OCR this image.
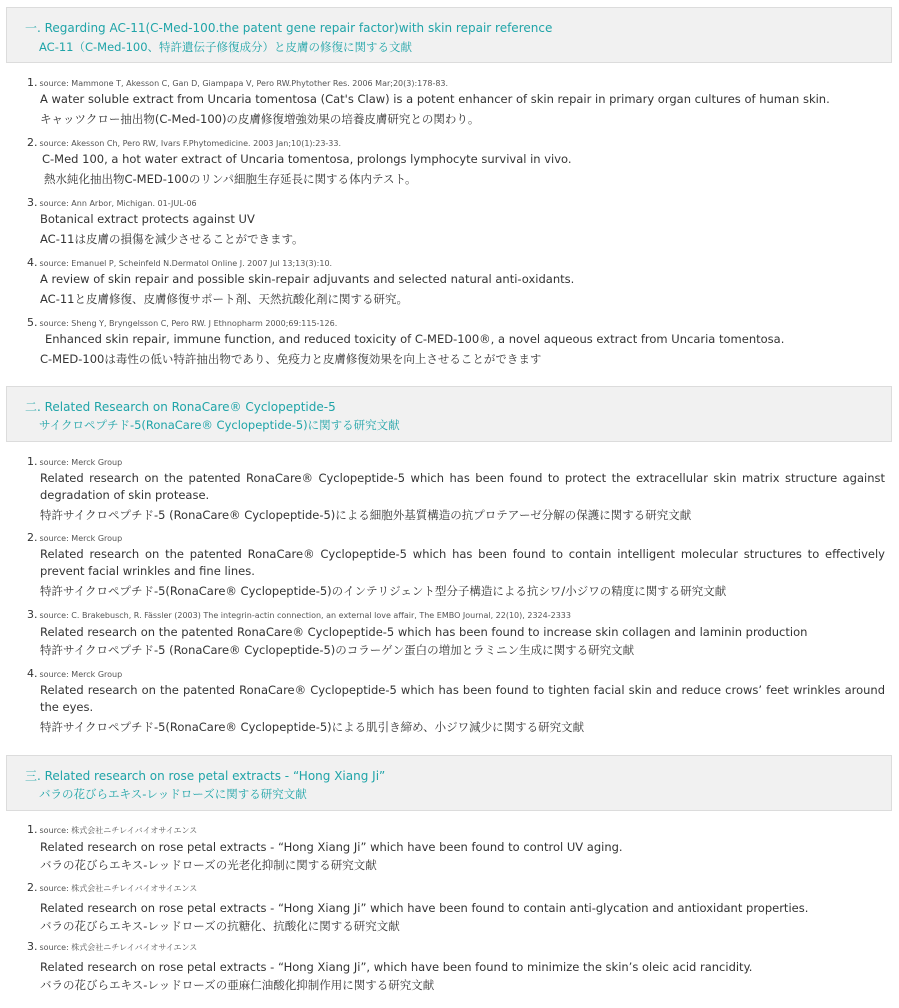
一. Regarding AC-11(C-Med-100.the patent gene repair factor)with skin repair reference
AC-11（C-Med-100、特許遺伝子修復成分）と皮膚の修復に関する文献
1. source: Mammone T, Akesson C, Gan D, Giampapa V, Pero RW.Phytother Res. 2006 Mar;20(3):178-83.
A water soluble extract from Uncaria tomentosa (Cat's Claw) is a potent enhancer of skin repair in primary organ cultures of human skin.
キャッツクロー抽出物(C-Med-100)の皮膚修復増強効果の培養皮膚研究との関わり。
2. source: Akesson Ch, Pero RW, Ivars F.Phytomedicine. 2003 Jan;10(1):23-33.
C-Med 100, a hot water extract of Uncaria tomentosa, prolongs lymphocyte survival in vivo.
熱水純化抽出物C-MED-100のリンパ細胞生存延長に関する体内テスト。
3. source: Ann Arbor, Michigan. 01-JUL-06
Botanical extract protects against UV
AC-11は皮膚の損傷を減少させることができます。
4. source: Emanuel P, Scheinfeld N.Dermatol Online J. 2007 Jul 13;13(3):10.
A review of skin repair and possible skin-repair adjuvants and selected natural anti-oxidants.
AC-11と皮膚修復、皮膚修復サポート剤、天然抗酸化剤に関する研究。
5. source: Sheng Y, Bryngelsson C, Pero RW. J Ethnopharm 2000;69:115-126.
Enhanced skin repair, immune function, and reduced toxicity of C-MED-100®, a novel aqueous extract from Uncaria tomentosa.
C-MED-100は毒性の低い特許抽出物であり、免疫力と皮膚修復効果を向上させることができます
二. Related Research on RonaCare® Cyclopeptide-5
サイクロペプチド-5(RonaCare® Cyclopeptide-5)に関する研究文献
1. source: Merck Group
Related research on the patented RonaCare® Cyclopeptide-5 which has been found to protect the extracellular skin matrix structure against degradation of skin protease.
特許サイクロペプチド-5 (RonaCare® Cyclopeptide-5)による細胞外基質構造の抗プロテアーゼ分解の保護に関する研究文献
2. source: Merck Group
Related research on the patented RonaCare® Cyclopeptide-5 which has been found to contain intelligent molecular structures to effectively prevent facial wrinkles and fine lines.
特許サイクロペプチド-5(RonaCare® Cyclopeptide-5)のインテリジェント型分子構造による抗シワ/小ジワの精度に関する研究文献
3. source: C. Brakebusch, R. Fässler (2003) The integrin-actin connection, an external love affair, The EMBO Journal, 22(10), 2324-2333
Related research on the patented RonaCare® Cyclopeptide-5 which has been found to increase skin collagen and laminin production
特許サイクロペプチド-5 (RonaCare® Cyclopeptide-5)のコラーゲン蛋白の増加とラミニン生成に関する研究文献
4. source: Merck Group
Related research on the patented RonaCare® Cyclopeptide-5 which has been found to tighten facial skin and reduce crows’ feet wrinkles around the eyes.
特許サイクロペプチド-5(RonaCare® Cyclopeptide-5)による肌引き締め、小ジワ減少に関する研究文献
三. Related research on rose petal extracts - “Hong Xiang Ji”
バラの花びらエキス-レッドローズに関する研究文献
1. source: 株式会社ニチレイバイオサイエンス
Related research on rose petal extracts - “Hong Xiang Ji” which have been found to control UV aging.
バラの花びらエキス-レッドローズの光老化抑制に関する研究文献
2. source: 株式会社ニチレイバイオサイエンス
Related research on rose petal extracts - “Hong Xiang Ji” which have been found to contain anti-glycation and antioxidant properties.
バラの花びらエキス-レッドローズの抗糖化、抗酸化に関する研究文献
3. source: 株式会社ニチレイバイオサイエンス
Related research on rose petal extracts - “Hong Xiang Ji”, which have been found to minimize the skin’s oleic acid rancidity.
バラの花びらエキス-レッドローズの亜麻仁油酸化抑制作用に関する研究文献
